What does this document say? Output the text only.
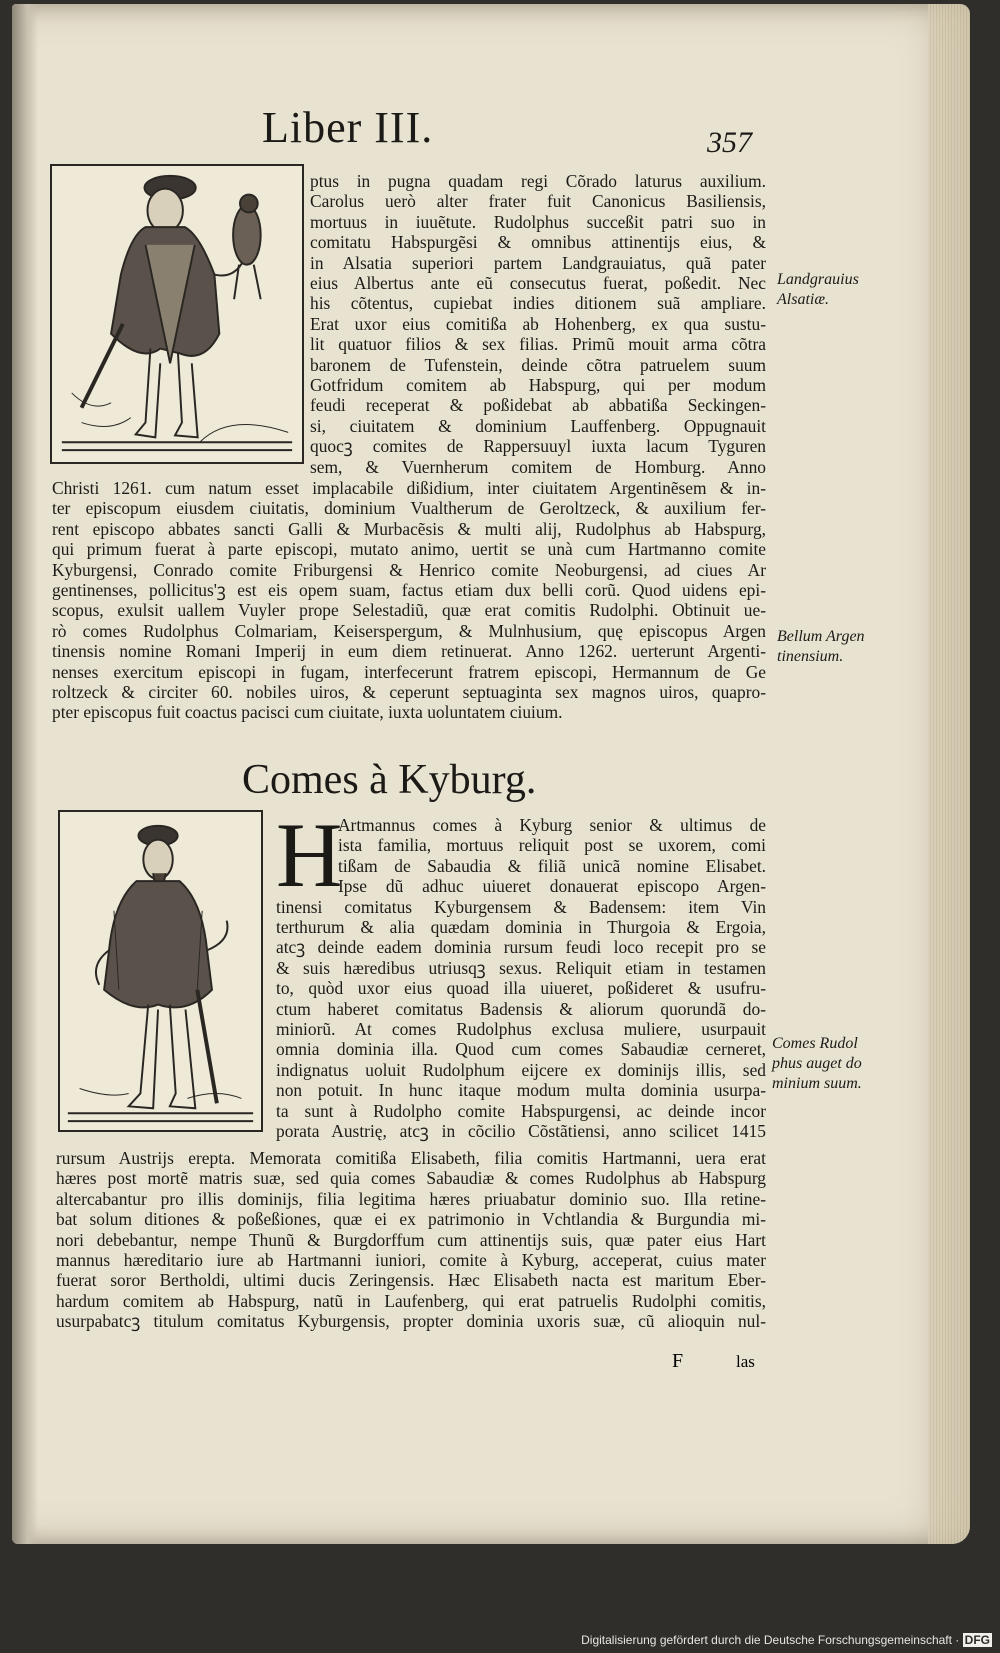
Liber III.	357
ptus in pugna quadam regi Cõrado laturus auxilium.
Carolus uerò alter frater fuit Canonicus Basiliensis,
mortuus in iuuẽtute. Rudolphus succeßit patri suo in
comitatu Habspurgẽsi & omnibus attinentijs eius, &
in Alsatia superiori partem Landgrauiatus, quã pater
eius Albertus ante eũ consecutus fuerat, poßedit. Nec
his cõtentus, cupiebat indies ditionem suã ampliare.
Erat uxor eius comitißa ab Hohenberg, ex qua sustu-
lit quatuor filios & sex filias. Primũ mouit arma cõtra
baronem de Tufenstein, deinde cõtra patruelem suum
Gotfridum comitem ab Habspurg, qui per modum
feudi receperat & poßidebat ab abbatißa Seckingen-
si, ciuitatem & dominium Lauffenberg. Oppugnauit
quocꝫ comites de Rappersuuyl iuxta lacum Tyguren
sem, & Vuernherum comitem de Homburg. Anno
Christi 1261. cum natum esset implacabile dißidium, inter ciuitatem Argentinẽsem & in-
ter episcopum eiusdem ciuitatis, dominium Vualtherum de Geroltzeck, & auxilium fer-
rent episcopo abbates sancti Galli & Murbacẽsis & multi alij, Rudolphus ab Habspurg,
qui primum fuerat à parte episcopi, mutato animo, uertit se unà cum Hartmanno comite
Kyburgensi, Conrado comite Friburgensi & Henrico comite Neoburgensi, ad ciues Ar
gentinenses, pollicitus'ꝫ est eis opem suam, factus etiam dux belli corũ. Quod uidens epi-
scopus, exulsit uallem Vuyler prope Selestadiũ, quæ erat comitis Rudolphi. Obtinuit ue-
rò comes Rudolphus Colmariam, Keiserspergum, & Mulnhusium, quę episcopus Argen
tinensis nomine Romani Imperij in eum diem retinuerat. Anno 1262. uerterunt Argenti-
nenses exercitum episcopi in fugam, interfecerunt fratrem episcopi, Hermannum de Ge
roltzeck & circiter 60. nobiles uiros, & ceperunt septuaginta sex magnos uiros, quapro-
pter episcopus fuit coactus pacisci cum ciuitate, iuxta uoluntatem ciuium.
Landgrauius
Alsatiæ.
Bellum Argen
tinensium.
Comes à Kyburg.
H
Artmannus comes à Kyburg senior & ultimus de
ista familia, mortuus reliquit post se uxorem, comi
tißam de Sabaudia & filiã unicã nomine Elisabet.
Ipse dũ adhuc uiueret donauerat episcopo Argen-
tinensi comitatus Kyburgensem & Badensem: item Vin
terthurum & alia quædam dominia in Thurgoia & Ergoia,
atcꝫ deinde eadem dominia rursum feudi loco recepit pro se
& suis hæredibus utriusqꝫ sexus. Reliquit etiam in testamen
to, quòd uxor eius quoad illa uiueret, poßideret & usufru-
ctum haberet comitatus Badensis & aliorum quorundã do-
miniorũ. At comes Rudolphus exclusa muliere, usurpauit
omnia dominia illa. Quod cum comes Sabaudiæ cerneret,
indignatus uoluit Rudolphum eijcere ex dominijs illis, sed
non potuit. In hunc itaque modum multa dominia usurpa-
ta sunt à Rudolpho comite Habspurgensi, ac deinde incor
porata Austrię, atcꝫ in cõcilio Cõstãtiensi, anno scilicet 1415
Comes Rudol
phus auget do
minium suum.
rursum Austrijs erepta. Memorata comitißa Elisabeth, filia comitis Hartmanni, uera erat
hæres post mortẽ matris suæ, sed quia comes Sabaudiæ & comes Rudolphus ab Habspurg
altercabantur pro illis dominijs, filia legitima hæres priuabatur dominio suo. Illa retine-
bat solum ditiones & poßeßiones, quæ ei ex patrimonio in Vchtlandia & Burgundia mi-
nori debebantur, nempe Thunũ & Burgdorffum cum attinentijs suis, quæ pater eius Hart
mannus hæreditario iure ab Hartmanni iuniori, comite à Kyburg, acceperat, cuius mater
fuerat soror Bertholdi, ultimi ducis Zeringensis. Hæc Elisabeth nacta est maritum Eber-
hardum comitem ab Habspurg, natũ in Laufenberg, qui erat patruelis Rudolphi comitis,
usurpabatcꝫ titulum comitatus Kyburgensis, propter dominia uxoris suæ, cũ alioquin nul-
F	las
Digitalisierung gefördert durch die Deutsche Forschungsgemeinschaft · DFG
